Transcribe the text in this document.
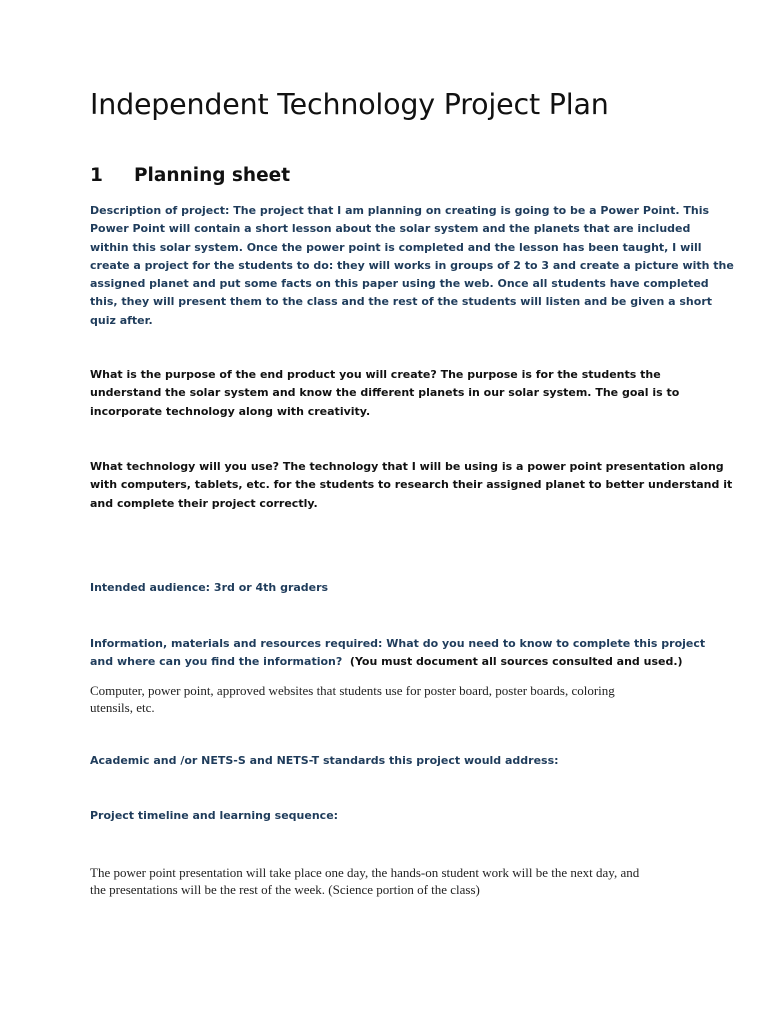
Independent Technology Project Plan
1 Planning sheet
Description of project: The project that I am planning on creating is going to be a Power Point. This
Power Point will contain a short lesson about the solar system and the planets that are included
within this solar system. Once the power point is completed and the lesson has been taught, I will
create a project for the students to do: they will works in groups of 2 to 3 and create a picture with the
assigned planet and put some facts on this paper using the web. Once all students have completed
this, they will present them to the class and the rest of the students will listen and be given a short
quiz after.
What is the purpose of the end product you will create? The purpose is for the students the
understand the solar system and know the different planets in our solar system. The goal is to
incorporate technology along with creativity.
What technology will you use? The technology that I will be using is a power point presentation along
with computers, tablets, etc. for the students to research their assigned planet to better understand it
and complete their project correctly.
Intended audience: 3rd or 4th graders
Information, materials and resources required: What do you need to know to complete this project
and where can you find the information? (You must document all sources consulted and used.)
Computer, power point, approved websites that students use for poster board, poster boards, coloring
utensils, etc.
Academic and /or NETS-S and NETS-T standards this project would address:
Project timeline and learning sequence:
The power point presentation will take place one day, the hands-on student work will be the next day, and
the presentations will be the rest of the week. (Science portion of the class)
